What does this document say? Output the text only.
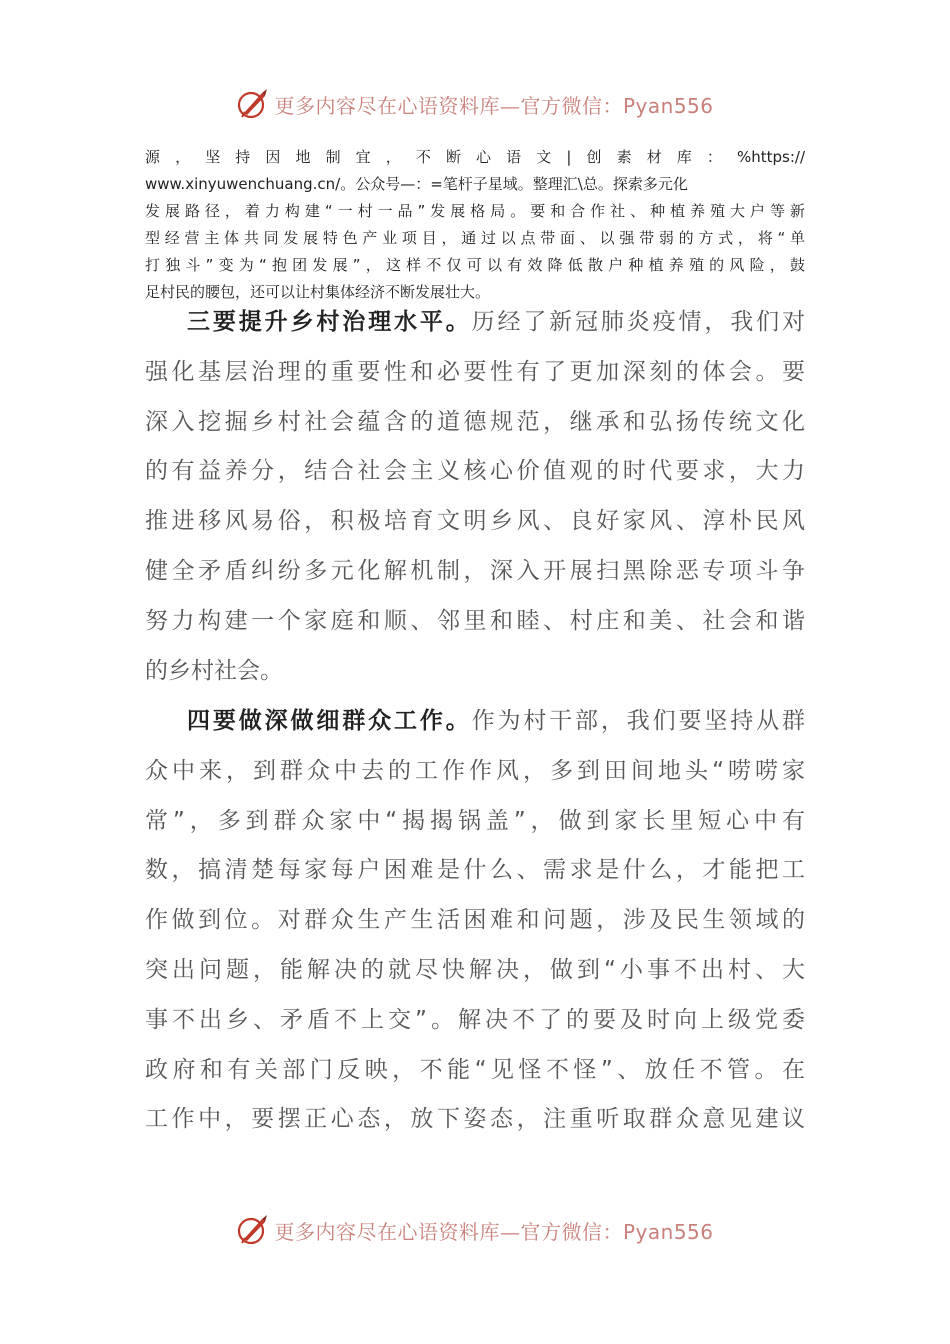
更多内容尽在心语资料库—官方微信：Pyan556
源，坚持因地制宜，不断心语文|创素材库：%https://
www.xinyuwenchuang.cn/。公众号—：=笔杆子星域。整理汇\总。探索多元化
发展路径，着力构建“一村一品”发展格局。要和合作社、种植养殖大户等新
型经营主体共同发展特色产业项目，通过以点带面、以强带弱的方式，将“单
打独斗”变为“抱团发展”，这样不仅可以有效降低散户种植养殖的风险，鼓
足村民的腰包，还可以让村集体经济不断发展壮大。
三要提升乡村治理水平。历经了新冠肺炎疫情，我们对
强化基层治理的重要性和必要性有了更加深刻的体会。要
深入挖掘乡村社会蕴含的道德规范，继承和弘扬传统文化
的有益养分，结合社会主义核心价值观的时代要求，大力
推进移风易俗，积极培育文明乡风、良好家风、淳朴民风
健全矛盾纠纷多元化解机制，深入开展扫黑除恶专项斗争
努力构建一个家庭和顺、邻里和睦、村庄和美、社会和谐
的乡村社会。
四要做深做细群众工作。作为村干部，我们要坚持从群
众中来，到群众中去的工作作风，多到田间地头“唠唠家
常”，多到群众家中“揭揭锅盖”，做到家长里短心中有
数，搞清楚每家每户困难是什么、需求是什么，才能把工
作做到位。对群众生产生活困难和问题，涉及民生领域的
突出问题，能解决的就尽快解决，做到“小事不出村、大
事不出乡、矛盾不上交”。解决不了的要及时向上级党委
政府和有关部门反映，不能“见怪不怪”、放任不管。在
工作中，要摆正心态，放下姿态，注重听取群众意见建议
更多内容尽在心语资料库—官方微信：Pyan556
